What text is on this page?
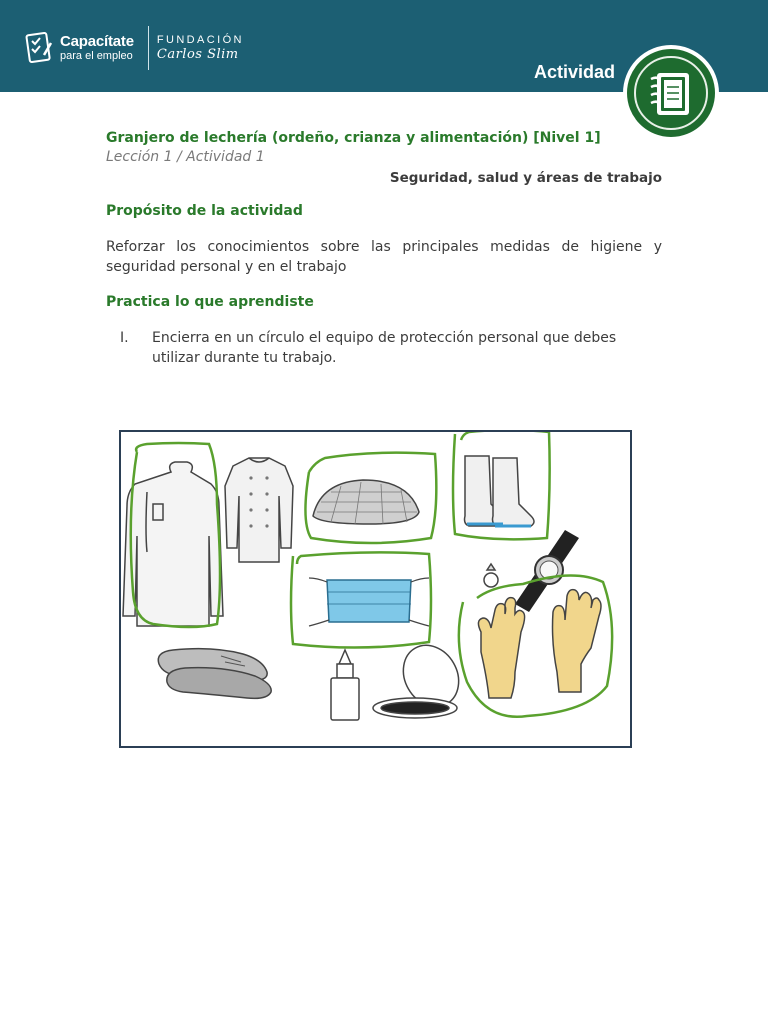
Capacítate
para el empleo
FUNDACIÓN
Carlos Slim
Actividad
Granjero de lechería (ordeño, crianza y alimentación) [Nivel 1]
Lección 1 / Actividad 1
Seguridad, salud y áreas de trabajo
Propósito de la actividad
Reforzar los conocimientos sobre las principales medidas de higiene y seguridad personal y en el trabajo
Practica lo que aprendiste
I.	Encierra en un círculo el equipo de protección personal que debes utilizar durante tu trabajo.
